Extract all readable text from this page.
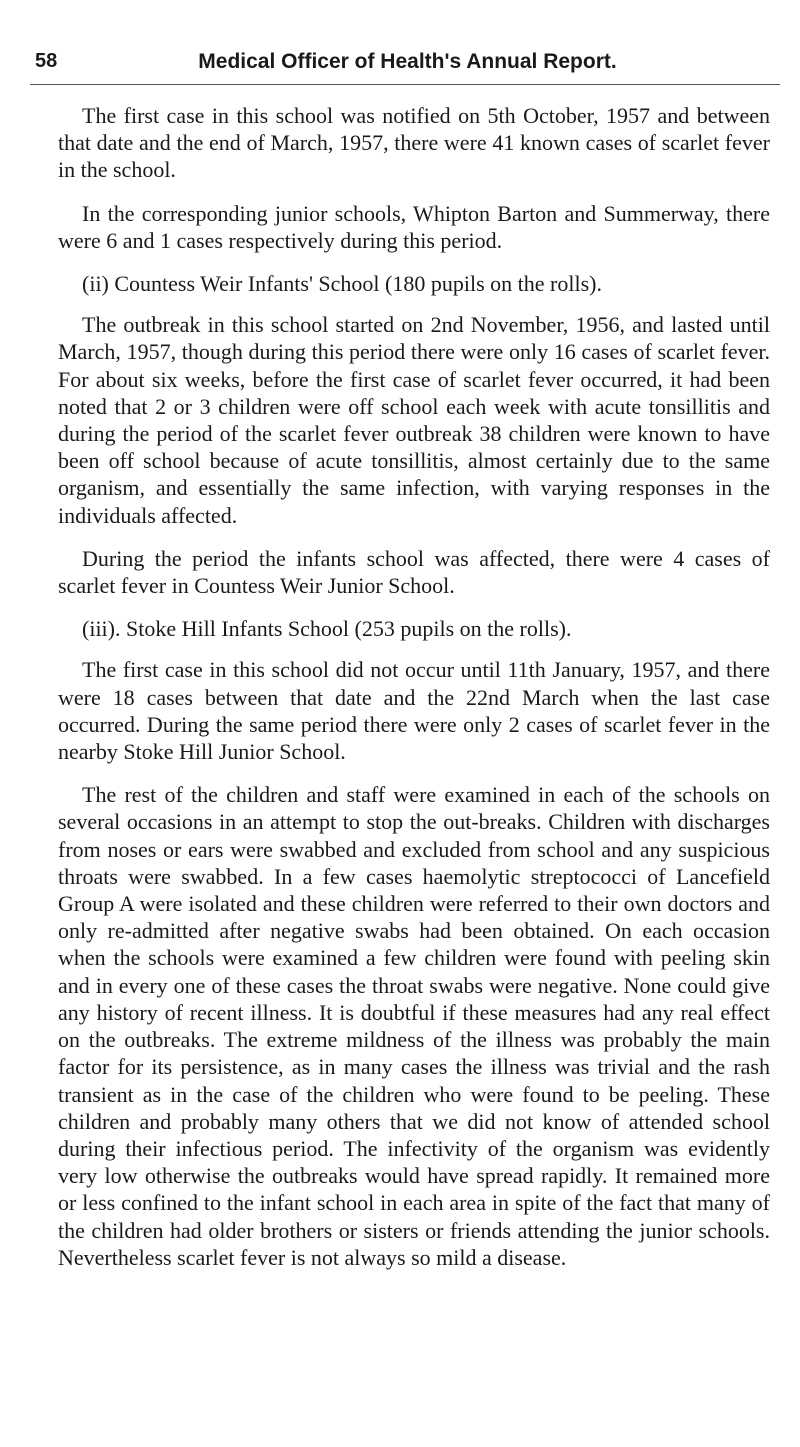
58	Medical Officer of Health's Annual Report.

The first case in this school was notified on 5th October, 1957 and between that date and the end of March, 1957, there were 41 known cases of scarlet fever in the school.

In the corresponding junior schools, Whipton Barton and Summerway, there were 6 and 1 cases respectively during this period.

(ii) Countess Weir Infants' School (180 pupils on the rolls).

The outbreak in this school started on 2nd November, 1956, and lasted until March, 1957, though during this period there were only 16 cases of scarlet fever. For about six weeks, before the first case of scarlet fever occurred, it had been noted that 2 or 3 children were off school each week with acute tonsillitis and during the period of the scarlet fever outbreak 38 children were known to have been off school because of acute tonsillitis, almost certainly due to the same organism, and essentially the same infection, with varying responses in the individuals affected.

During the period the infants school was affected, there were 4 cases of scarlet fever in Countess Weir Junior School.

(iii). Stoke Hill Infants School (253 pupils on the rolls).

The first case in this school did not occur until 11th January, 1957, and there were 18 cases between that date and the 22nd March when the last case occurred. During the same period there were only 2 cases of scarlet fever in the nearby Stoke Hill Junior School.

The rest of the children and staff were examined in each of the schools on several occasions in an attempt to stop the out-breaks. Children with discharges from noses or ears were swabbed and excluded from school and any suspicious throats were swabbed. In a few cases haemolytic streptococci of Lancefield Group A were isolated and these children were referred to their own doctors and only re-admitted after negative swabs had been obtained. On each occasion when the schools were examined a few children were found with peeling skin and in every one of these cases the throat swabs were negative. None could give any history of recent illness. It is doubtful if these measures had any real effect on the outbreaks. The extreme mildness of the illness was probably the main factor for its persistence, as in many cases the illness was trivial and the rash transient as in the case of the children who were found to be peeling. These children and probably many others that we did not know of attended school during their infectious period. The infectivity of the organism was evidently very low otherwise the outbreaks would have spread rapidly. It remained more or less confined to the infant school in each area in spite of the fact that many of the children had older brothers or sisters or friends attending the junior schools. Nevertheless scarlet fever is not always so mild a disease.
